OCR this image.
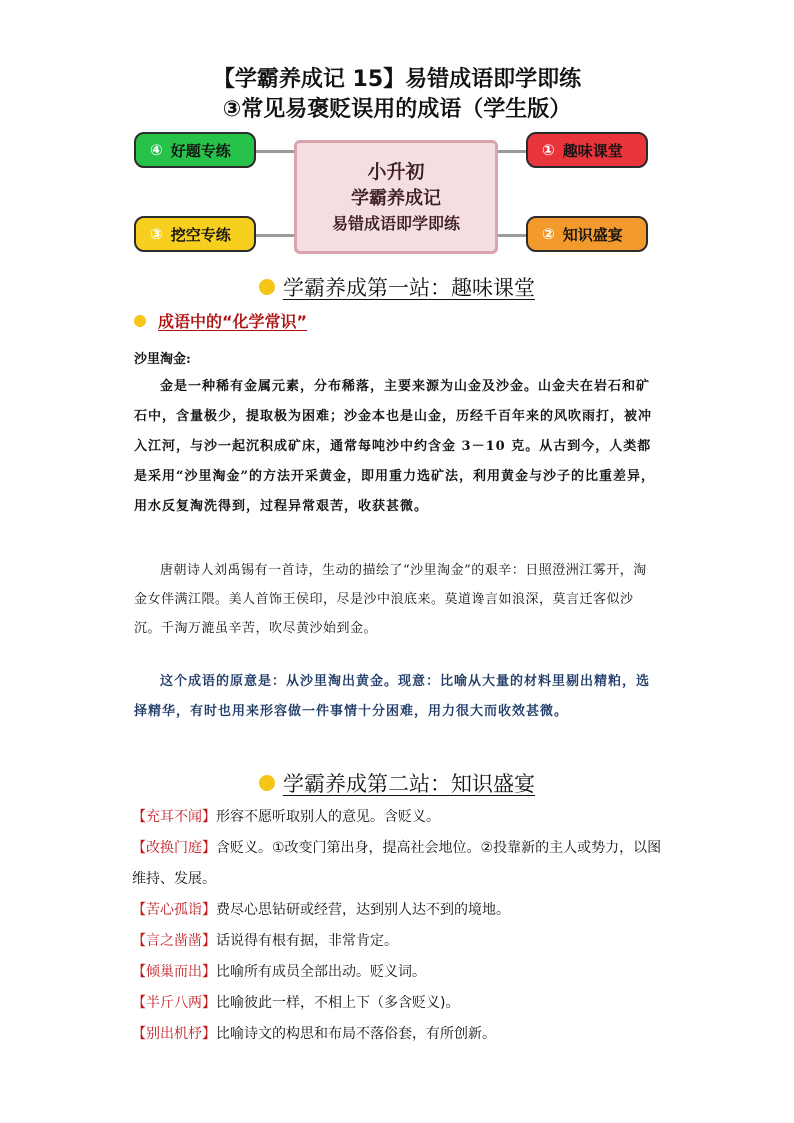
【学霸养成记 15】易错成语即学即练
③常见易褒贬误用的成语（学生版）
④ 好题专练
③ 挖空专练
① 趣味课堂
② 知识盛宴
小升初
学霸养成记
易错成语即学即练
学霸养成第一站：趣味课堂
成语中的“化学常识”
沙里淘金:
金是一种稀有金属元素，分布稀落，主要来源为山金及沙金。山金夫在岩石和矿石中，含量极少，提取极为困难；沙金本也是山金，历经千百年来的风吹雨打，被冲入江河，与沙一起沉积成矿床，通常每吨沙中约含金 3－10 克。从古到今，人类都是采用“沙里淘金”的方法开采黄金，即用重力选矿法，利用黄金与沙子的比重差异，用水反复淘洗得到，过程异常艰苦，收获甚微。
唐朝诗人刘禹锡有一首诗，生动的描绘了“沙里淘金”的艰辛：日照澄洲江雾开，淘金女伴满江隈。美人首饰王侯印，尽是沙中浪底来。莫道谗言如浪深，莫言迁客似沙沉。千淘万漉虽辛苦，吹尽黄沙始到金。
这个成语的原意是：从沙里淘出黄金。现意：比喻从大量的材料里剔出精粕，选择精华，有时也用来形容做一件事情十分困难，用力很大而收效甚微。
学霸养成第二站：知识盛宴

【充耳不闻】形容不愿听取别人的意见。含贬义。

【改换门庭】含贬义。①改变门第出身，提高社会地位。②投靠新的主人或势力，以图维持、发展。

【苦心孤诣】费尽心思钻研或经营，达到别人达不到的境地。

【言之凿凿】话说得有根有据，非常肯定。

【倾巢而出】比喻所有成员全部出动。贬义词。

【半斤八两】比喻彼此一样，不相上下（多含贬义)。

【别出机杼】比喻诗文的构思和布局不落俗套，有所创新。
